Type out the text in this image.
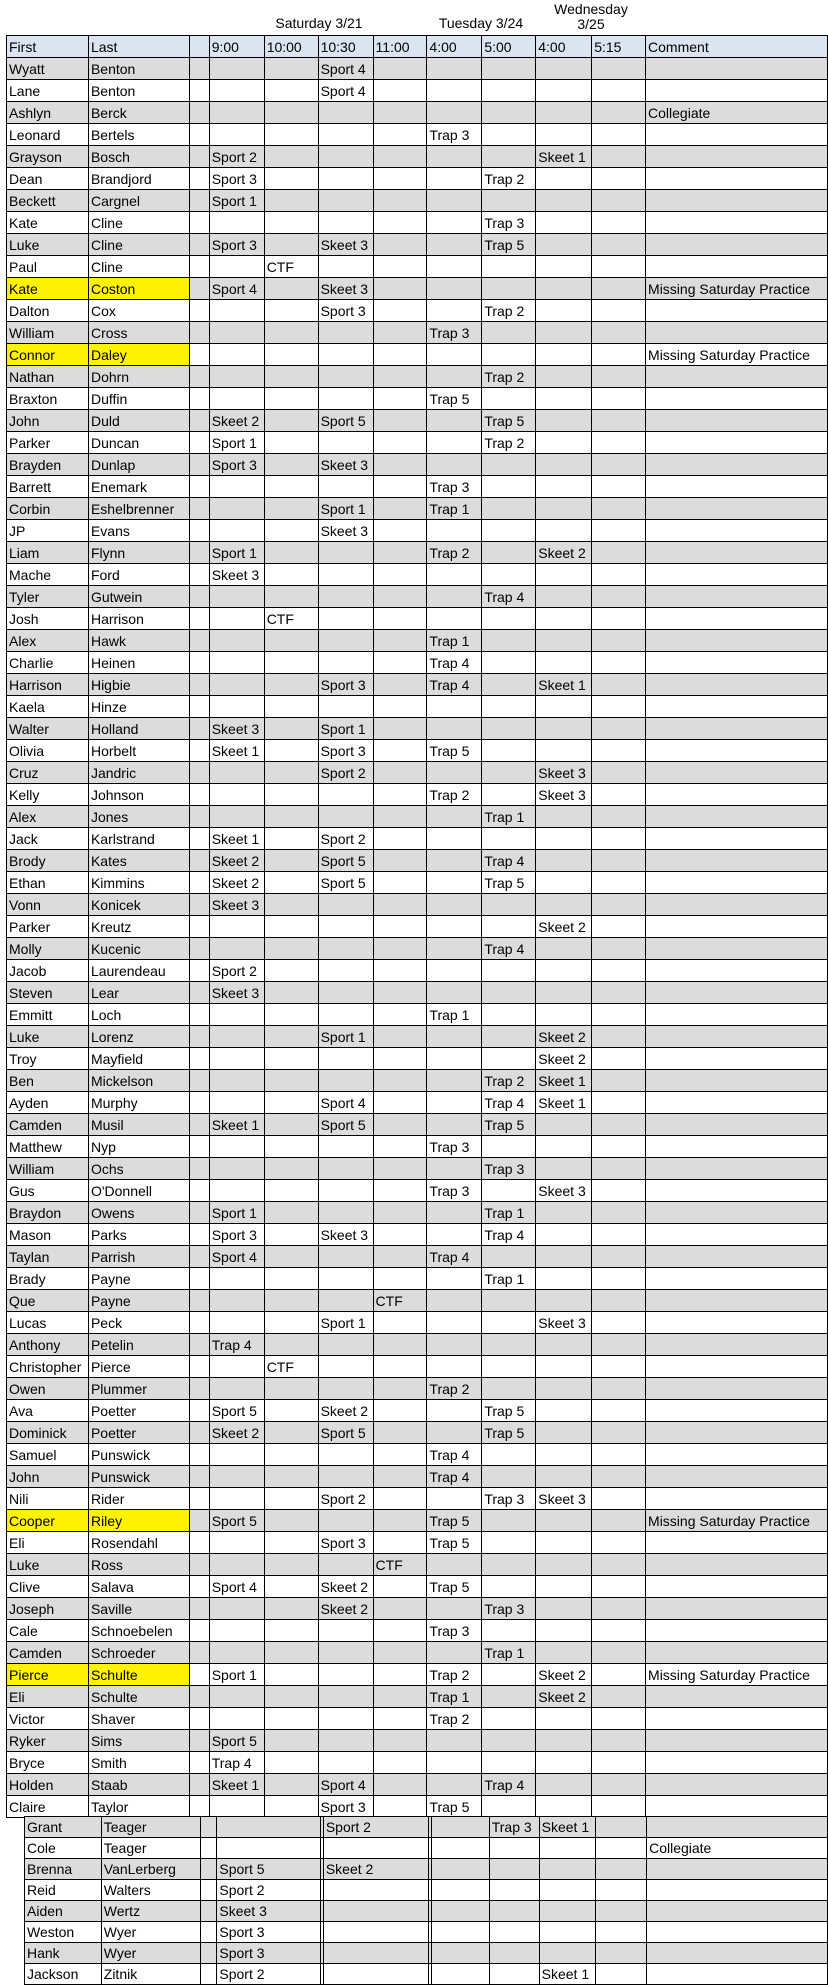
Saturday 3/21	Tuesday 3/24
Wednesday
3/25
First	Last		9:00	10:00	10:30	11:00	4:00	5:00	4:00	5:15	Comment
Wyatt	Benton				Sport 4						
Lane	Benton				Sport 4						
Ashlyn	Berck										Collegiate
Leonard	Bertels						Trap 3				
Grayson	Bosch		Sport 2						Skeet 1		
Dean	Brandjord		Sport 3					Trap 2			
Beckett	Cargnel		Sport 1								
Kate	Cline							Trap 3			
Luke	Cline		Sport 3		Skeet 3			Trap 5			
Paul	Cline			CTF							
Kate	Coston		Sport 4		Skeet 3						Missing Saturday Practice
Dalton	Cox				Sport 3			Trap 2			
William	Cross						Trap 3				
Connor	Daley										Missing Saturday Practice
Nathan	Dohrn							Trap 2			
Braxton	Duffin						Trap 5				
John	Duld		Skeet 2		Sport 5			Trap 5			
Parker	Duncan		Sport 1					Trap 2			
Brayden	Dunlap		Sport 3		Skeet 3						
Barrett	Enemark						Trap 3				
Corbin	Eshelbrenner				Sport 1		Trap 1				
JP	Evans				Skeet 3						
Liam	Flynn		Sport 1				Trap 2		Skeet 2		
Mache	Ford		Skeet 3								
Tyler	Gutwein							Trap 4			
Josh	Harrison			CTF							
Alex	Hawk						Trap 1				
Charlie	Heinen						Trap 4				
Harrison	Higbie				Sport 3		Trap 4		Skeet 1		
Kaela	Hinze										
Walter	Holland		Skeet 3		Sport 1						
Olivia	Horbelt		Skeet 1		Sport 3		Trap 5				
Cruz	Jandric				Sport 2				Skeet 3		
Kelly	Johnson						Trap 2		Skeet 3		
Alex	Jones							Trap 1			
Jack	Karlstrand		Skeet 1		Sport 2						
Brody	Kates		Skeet 2		Sport 5			Trap 4			
Ethan	Kimmins		Skeet 2		Sport 5			Trap 5			
Vonn	Konicek		Skeet 3								
Parker	Kreutz								Skeet 2		
Molly	Kucenic							Trap 4			
Jacob	Laurendeau		Sport 2								
Steven	Lear		Skeet 3								
Emmitt	Loch						Trap 1				
Luke	Lorenz				Sport 1				Skeet 2		
Troy	Mayfield								Skeet 2		
Ben	Mickelson							Trap 2	Skeet 1		
Ayden	Murphy				Sport 4			Trap 4	Skeet 1		
Camden	Musil		Skeet 1		Sport 5			Trap 5			
Matthew	Nyp						Trap 3				
William	Ochs							Trap 3			
Gus	O'Donnell						Trap 3		Skeet 3		
Braydon	Owens		Sport 1					Trap 1			
Mason	Parks		Sport 3		Skeet 3			Trap 4			
Taylan	Parrish		Sport 4				Trap 4				
Brady	Payne							Trap 1			
Que	Payne					CTF					
Lucas	Peck				Sport 1				Skeet 3		
Anthony	Petelin		Trap 4								
Christopher	Pierce			CTF							
Owen	Plummer						Trap 2				
Ava	Poetter		Sport 5		Skeet 2			Trap 5			
Dominick	Poetter		Skeet 2		Sport 5			Trap 5			
Samuel	Punswick						Trap 4				
John	Punswick						Trap 4				
Nili	Rider				Sport 2			Trap 3	Skeet 3		
Cooper	Riley		Sport 5				Trap 5				Missing Saturday Practice
Eli	Rosendahl				Sport 3		Trap 5				
Luke	Ross					CTF					
Clive	Salava		Sport 4		Skeet 2		Trap 5				
Joseph	Saville				Skeet 2			Trap 3			
Cale	Schnoebelen						Trap 3				
Camden	Schroeder							Trap 1			
Pierce	Schulte		Sport 1				Trap 2		Skeet 2		Missing Saturday Practice
Eli	Schulte						Trap 1		Skeet 2		
Victor	Shaver						Trap 2				
Ryker	Sims		Sport 5								
Bryce	Smith		Trap 4								
Holden	Staab		Skeet 1		Sport 4			Trap 4			
Claire	Taylor				Sport 3		Trap 5				
Grant	Teager				Sport 2			Trap 3	Skeet 1		
Cole	Teager										Collegiate
Brenna	VanLerberg		Sport 5		Skeet 2						
Reid	Walters		Sport 2								
Aiden	Wertz		Skeet 3								
Weston	Wyer		Sport 3								
Hank	Wyer		Sport 3								
Jackson	Zitnik		Sport 2						Skeet 1		
